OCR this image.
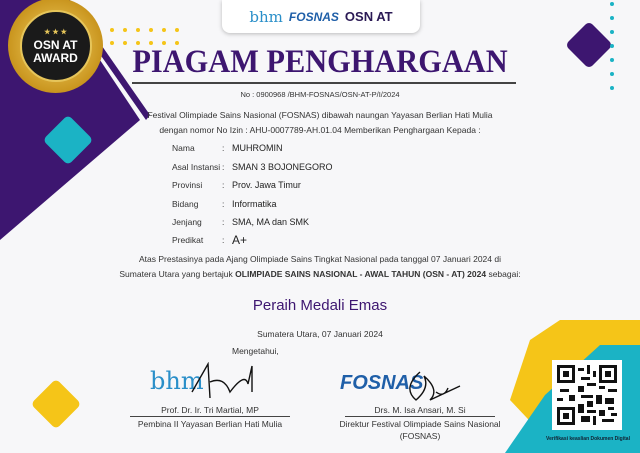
bhm FOSNAS OSN AT
★ ★ ★
OSN AT
AWARD	PIAGAM PENGHARGAAN
No : 0900968 /BHM-FOSNAS/OSN-AT-P/I/2024
Festival Olimpiade Sains Nasional (FOSNAS) dibawah naungan Yayasan Berlian Hati Mulia
dengan nomor No Izin : AHU-0007789-AH.01.04 Memberikan Penghargaan Kepada :
Nama	: MUHROMIN
Asal Instansi : SMAN 3 BOJONEGORO
Provinsi	: Prov. Jawa Timur
Bidang	: Informatika
Jenjang	: SMA, MA dan SMK
Predikat	: A+
Atas Prestasinya pada Ajang Olimpiade Sains Tingkat Nasional pada tanggal 07 Januari 2024 di
Sumatera Utara yang bertajuk OLIMPIADE SAINS NASIONAL - AWAL TAHUN (OSN - AT) 2024 sebagai:
Peraih Medali Emas
Sumatera Utara, 07 Januari 2024
Mengetahui,
bhm
Prof. Dr. Ir. Tri Martial, MP
Pembina II Yayasan Berlian Hati Mulia
FOSNAS
Drs. M. Isa Ansari, M. Si
Direktur Festival Olimpiade Sains Nasional
(FOSNAS)	Verifikasi keaslian Dokumen Digital
